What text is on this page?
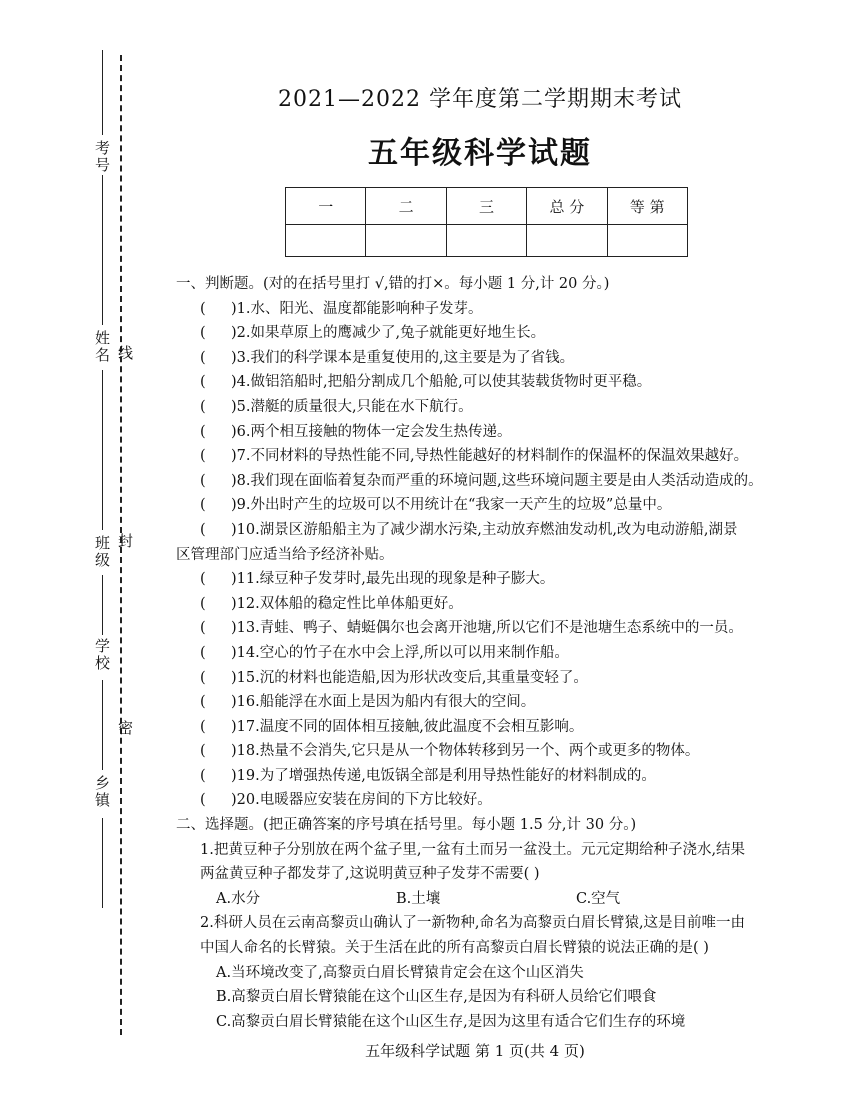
考号
姓名 线
班级 封
学校
密
乡镇
2021—2022 学年度第二学期期末考试
五年级科学试题
一	二	三	总 分	等 第

一、判断题。(对的在括号里打 √,错的打×。每小题 1 分,计 20 分。)
(	)1.水、阳光、温度都能影响种子发芽。
(	)2.如果草原上的鹰减少了,兔子就能更好地生长。
(	)3.我们的科学课本是重复使用的,这主要是为了省钱。
(	)4.做铝箔船时,把船分割成几个船舱,可以使其装载货物时更平稳。
(	)5.潜艇的质量很大,只能在水下航行。
(	)6.两个相互接触的物体一定会发生热传递。
(	)7.不同材料的导热性能不同,导热性能越好的材料制作的保温杯的保温效果越好。
(	)8.我们现在面临着复杂而严重的环境问题,这些环境问题主要是由人类活动造成的。
(	)9.外出时产生的垃圾可以不用统计在“我家一天产生的垃圾”总量中。
(	)10.湖景区游船船主为了减少湖水污染,主动放弃燃油发动机,改为电动游船,湖景
区管理部门应适当给予经济补贴。
(	)11.绿豆种子发芽时,最先出现的现象是种子膨大。
(	)12.双体船的稳定性比单体船更好。
(	)13.青蛙、鸭子、蜻蜓偶尔也会离开池塘,所以它们不是池塘生态系统中的一员。
(	)14.空心的竹子在水中会上浮,所以可以用来制作船。
(	)15.沉的材料也能造船,因为形状改变后,其重量变轻了。
(	)16.船能浮在水面上是因为船内有很大的空间。
(	)17.温度不同的固体相互接触,彼此温度不会相互影响。
(	)18.热量不会消失,它只是从一个物体转移到另一个、两个或更多的物体。
(	)19.为了增强热传递,电饭锅全部是利用导热性能好的材料制成的。
(	)20.电暖器应安装在房间的下方比较好。
二、选择题。(把正确答案的序号填在括号里。每小题 1.5 分,计 30 分。)
1.把黄豆种子分别放在两个盆子里,一盆有土而另一盆没土。元元定期给种子浇水,结果
两盆黄豆种子都发芽了,这说明黄豆种子发芽不需要( )
A.水分	B.土壤	C.空气
2.科研人员在云南高黎贡山确认了一新物种,命名为高黎贡白眉长臂猿,这是目前唯一由
中国人命名的长臂猿。关于生活在此的所有高黎贡白眉长臂猿的说法正确的是( )
A.当环境改变了,高黎贡白眉长臂猿肯定会在这个山区消失
B.高黎贡白眉长臂猿能在这个山区生存,是因为有科研人员给它们喂食
C.高黎贡白眉长臂猿能在这个山区生存,是因为这里有适合它们生存的环境
五年级科学试题 第 1 页(共 4 页)
